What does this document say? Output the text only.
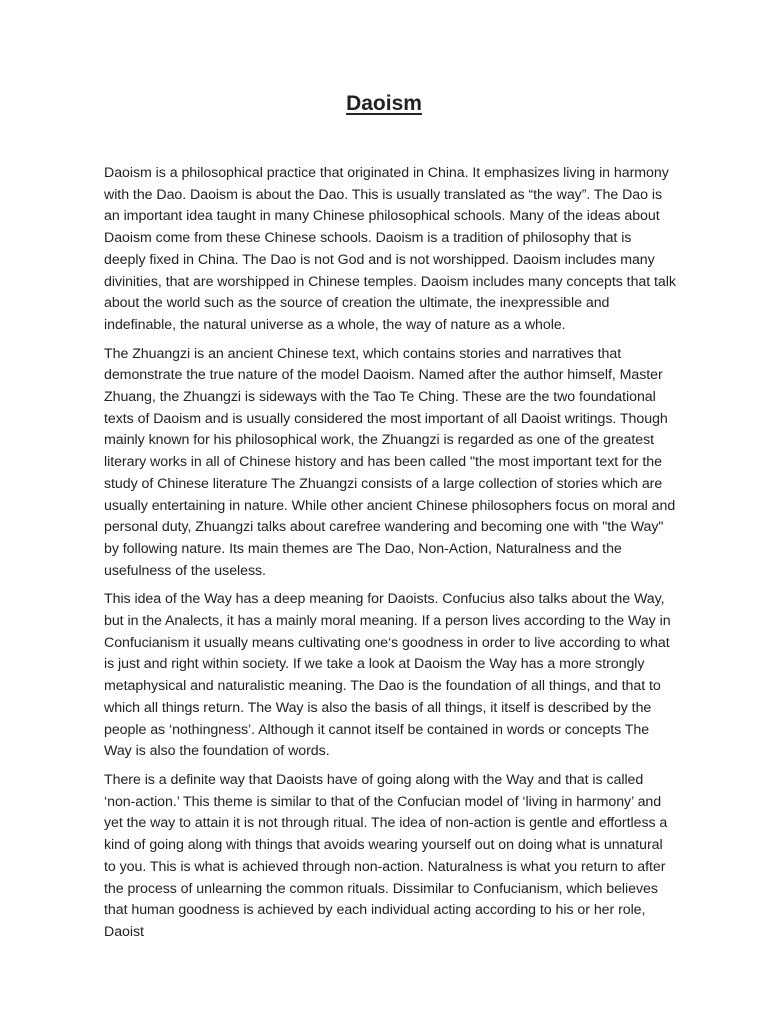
Daoism

Daoism is a philosophical practice that originated in China. It emphasizes living in harmony with the Dao. Daoism is about the Dao. This is usually translated as “the way”. The Dao is an important idea taught in many Chinese philosophical schools. Many of the ideas about Daoism come from these Chinese schools. Daoism is a tradition of philosophy that is deeply fixed in China. The Dao is not God and is not worshipped. Daoism includes many divinities, that are worshipped in Chinese temples. Daoism includes many concepts that talk about the world such as the source of creation the ultimate, the inexpressible and indefinable, the natural universe as a whole, the way of nature as a whole.

The Zhuangzi is an ancient Chinese text, which contains stories and narratives that demonstrate the true nature of the model Daoism. Named after the author himself, Master Zhuang, the Zhuangzi is sideways with the Tao Te Ching. These are the two foundational texts of Daoism and is usually considered the most important of all Daoist writings. Though mainly known for his philosophical work, the Zhuangzi is regarded as one of the greatest literary works in all of Chinese history and has been called "the most important text for the study of Chinese literature The Zhuangzi consists of a large collection of stories which are usually entertaining in nature. While other ancient Chinese philosophers focus on moral and personal duty, Zhuangzi talks about carefree wandering and becoming one with "the Way" by following nature. Its main themes are The Dao, Non-Action, Naturalness and the usefulness of the useless.

This idea of the Way has a deep meaning for Daoists. Confucius also talks about the Way, but in the Analects, it has a mainly moral meaning. If a person lives according to the Way in Confucianism it usually means cultivating one‘s goodness in order to live according to what is just and right within society. If we take a look at Daoism the Way has a more strongly metaphysical and naturalistic meaning. The Dao is the foundation of all things, and that to which all things return. The Way is also the basis of all things, it itself is described by the people as ‘nothingness’. Although it cannot itself be contained in words or concepts The Way is also the foundation of words.

There is a definite way that Daoists have of going along with the Way and that is called ‘non-action.’ This theme is similar to that of the Confucian model of ‘living in harmony’ and yet the way to attain it is not through ritual. The idea of non-action is gentle and effortless a kind of going along with things that avoids wearing yourself out on doing what is unnatural to you. This is what is achieved through non-action. Naturalness is what you return to after the process of unlearning the common rituals. Dissimilar to Confucianism, which believes that human goodness is achieved by each individual acting according to his or her role, Daoist
